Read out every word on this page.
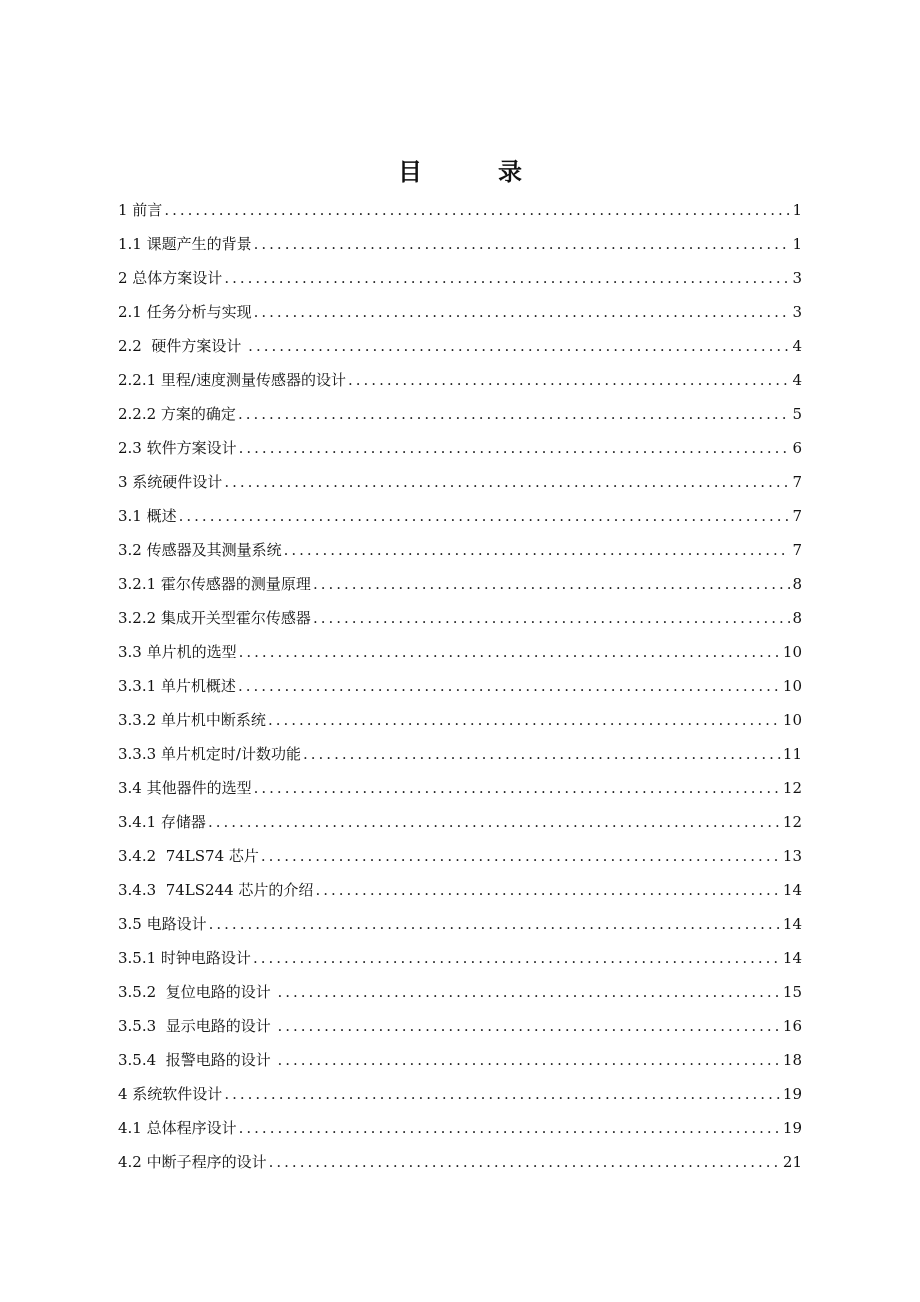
目　录
1 前言 .....	1
1.1 课题产生的背景 .....	1
2 总体方案设计 .....	3
2.1 任务分析与实现 .....	3
2.2  硬件方案设计 .....	4
2.2.1 里程/速度测量传感器的设计 .....	4
2.2.2 方案的确定 .....	5
2.3 软件方案设计 .....	6
3 系统硬件设计 .....	7
3.1 概述 .....	7
3.2 传感器及其测量系统 .....	7
3.2.1 霍尔传感器的测量原理 .....	8
3.2.2 集成开关型霍尔传感器 .....	8
3.3 单片机的选型 .....	10
3.3.1 单片机概述 .....	10
3.3.2 单片机中断系统 .....	10
3.3.3 单片机定时/计数功能 .....	11
3.4 其他器件的选型 .....	12
3.4.1 存储器 .....	12
3.4.2  74LS74 芯片 .....	13
3.4.3  74LS244 芯片的介绍 .....	14
3.5 电路设计 .....	14
3.5.1 时钟电路设计 .....	14
3.5.2  复位电路的设计 .....	15
3.5.3  显示电路的设计 .....	16
3.5.4  报警电路的设计 .....	18
4 系统软件设计 .....	19
4.1 总体程序设计 .....	19
4.2 中断子程序的设计 .....	21
